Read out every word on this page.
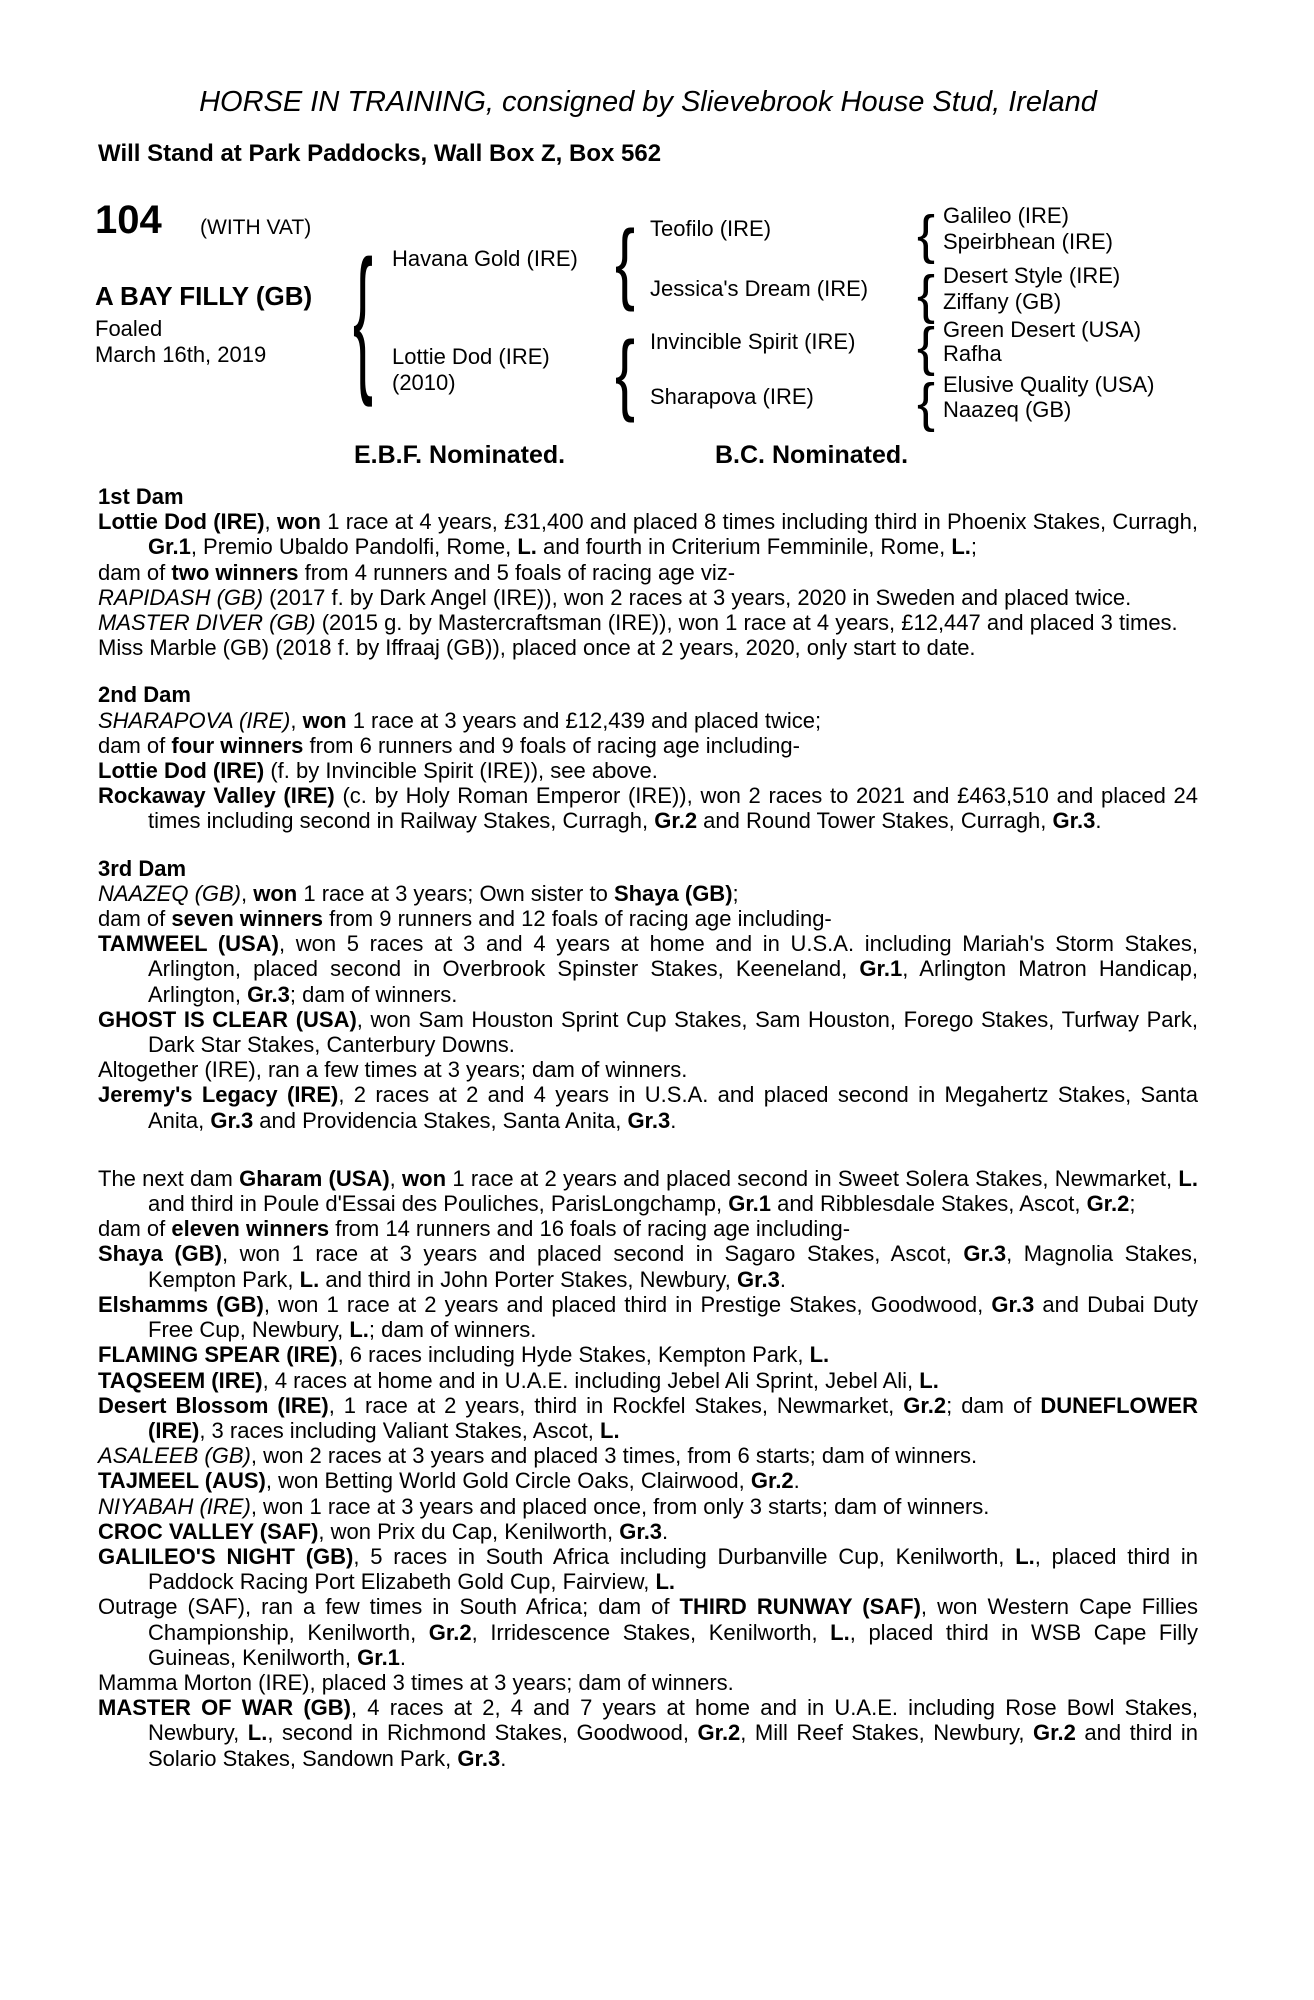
HORSE IN TRAINING, consigned by Slievebrook House Stud, Ireland
Will Stand at Park Paddocks, Wall Box Z, Box 562
104 (WITH VAT)
A BAY FILLY (GB)
Foaled
March 16th, 2019 { Havana Gold (IRE)
Lottie Dod (IRE)
(2010)
{
{
Teofilo (IRE)
Jessica's Dream (IRE)
Invincible Spirit (IRE)
Sharapova (IRE)
{
{
{
{
Galileo (IRE)
Speirbhean (IRE)
Desert Style (IRE)
Ziffany (GB)
Green Desert (USA)
Rafha
Elusive Quality (USA)
Naazeq (GB)
E.B.F. Nominated.	B.C. Nominated.

1st Dam

Lottie Dod (IRE), won 1 race at 4 years, £31,400 and placed 8 times including third in Phoenix Stakes, Curragh, Gr.1, Premio Ubaldo Pandolfi, Rome, L. and fourth in Criterium Femminile, Rome, L.;

dam of two winners from 4 runners and 5 foals of racing age viz-

RAPIDASH (GB) (2017 f. by Dark Angel (IRE)), won 2 races at 3 years, 2020 in Sweden and placed twice.

MASTER DIVER (GB) (2015 g. by Mastercraftsman (IRE)), won 1 race at 4 years, £12,447 and placed 3 times.

Miss Marble (GB) (2018 f. by Iffraaj (GB)), placed once at 2 years, 2020, only start to date.

2nd Dam

SHARAPOVA (IRE), won 1 race at 3 years and £12,439 and placed twice;

dam of four winners from 6 runners and 9 foals of racing age including-

Lottie Dod (IRE) (f. by Invincible Spirit (IRE)), see above.

Rockaway Valley (IRE) (c. by Holy Roman Emperor (IRE)), won 2 races to 2021 and £463,510 and placed 24 times including second in Railway Stakes, Curragh, Gr.2 and Round Tower Stakes, Curragh, Gr.3.

3rd Dam

NAAZEQ (GB), won 1 race at 3 years; Own sister to Shaya (GB);

dam of seven winners from 9 runners and 12 foals of racing age including-

TAMWEEL (USA), won 5 races at 3 and 4 years at home and in U.S.A. including Mariah's Storm Stakes, Arlington, placed second in Overbrook Spinster Stakes, Keeneland, Gr.1, Arlington Matron Handicap, Arlington, Gr.3; dam of winners.

GHOST IS CLEAR (USA), won Sam Houston Sprint Cup Stakes, Sam Houston, Forego Stakes, Turfway Park, Dark Star Stakes, Canterbury Downs.

Altogether (IRE), ran a few times at 3 years; dam of winners.

Jeremy's Legacy (IRE), 2 races at 2 and 4 years in U.S.A. and placed second in Megahertz Stakes, Santa Anita, Gr.3 and Providencia Stakes, Santa Anita, Gr.3.

The next dam Gharam (USA), won 1 race at 2 years and placed second in Sweet Solera Stakes, Newmarket, L. and third in Poule d'Essai des Pouliches, ParisLongchamp, Gr.1 and Ribblesdale Stakes, Ascot, Gr.2;

dam of eleven winners from 14 runners and 16 foals of racing age including-

Shaya (GB), won 1 race at 3 years and placed second in Sagaro Stakes, Ascot, Gr.3, Magnolia Stakes, Kempton Park, L. and third in John Porter Stakes, Newbury, Gr.3.

Elshamms (GB), won 1 race at 2 years and placed third in Prestige Stakes, Goodwood, Gr.3 and Dubai Duty Free Cup, Newbury, L.; dam of winners.

FLAMING SPEAR (IRE), 6 races including Hyde Stakes, Kempton Park, L.

TAQSEEM (IRE), 4 races at home and in U.A.E. including Jebel Ali Sprint, Jebel Ali, L.

Desert Blossom (IRE), 1 race at 2 years, third in Rockfel Stakes, Newmarket, Gr.2; dam of DUNEFLOWER (IRE), 3 races including Valiant Stakes, Ascot, L.

ASALEEB (GB), won 2 races at 3 years and placed 3 times, from 6 starts; dam of winners.

TAJMEEL (AUS), won Betting World Gold Circle Oaks, Clairwood, Gr.2.

NIYABAH (IRE), won 1 race at 3 years and placed once, from only 3 starts; dam of winners.

CROC VALLEY (SAF), won Prix du Cap, Kenilworth, Gr.3.

GALILEO'S NIGHT (GB), 5 races in South Africa including Durbanville Cup, Kenilworth, L., placed third in Paddock Racing Port Elizabeth Gold Cup, Fairview, L.

Outrage (SAF), ran a few times in South Africa; dam of THIRD RUNWAY (SAF), won Western Cape Fillies Championship, Kenilworth, Gr.2, Irridescence Stakes, Kenilworth, L., placed third in WSB Cape Filly Guineas, Kenilworth, Gr.1.

Mamma Morton (IRE), placed 3 times at 3 years; dam of winners.

MASTER OF WAR (GB), 4 races at 2, 4 and 7 years at home and in U.A.E. including Rose Bowl Stakes, Newbury, L., second in Richmond Stakes, Goodwood, Gr.2, Mill Reef Stakes, Newbury, Gr.2 and third in Solario Stakes, Sandown Park, Gr.3.
